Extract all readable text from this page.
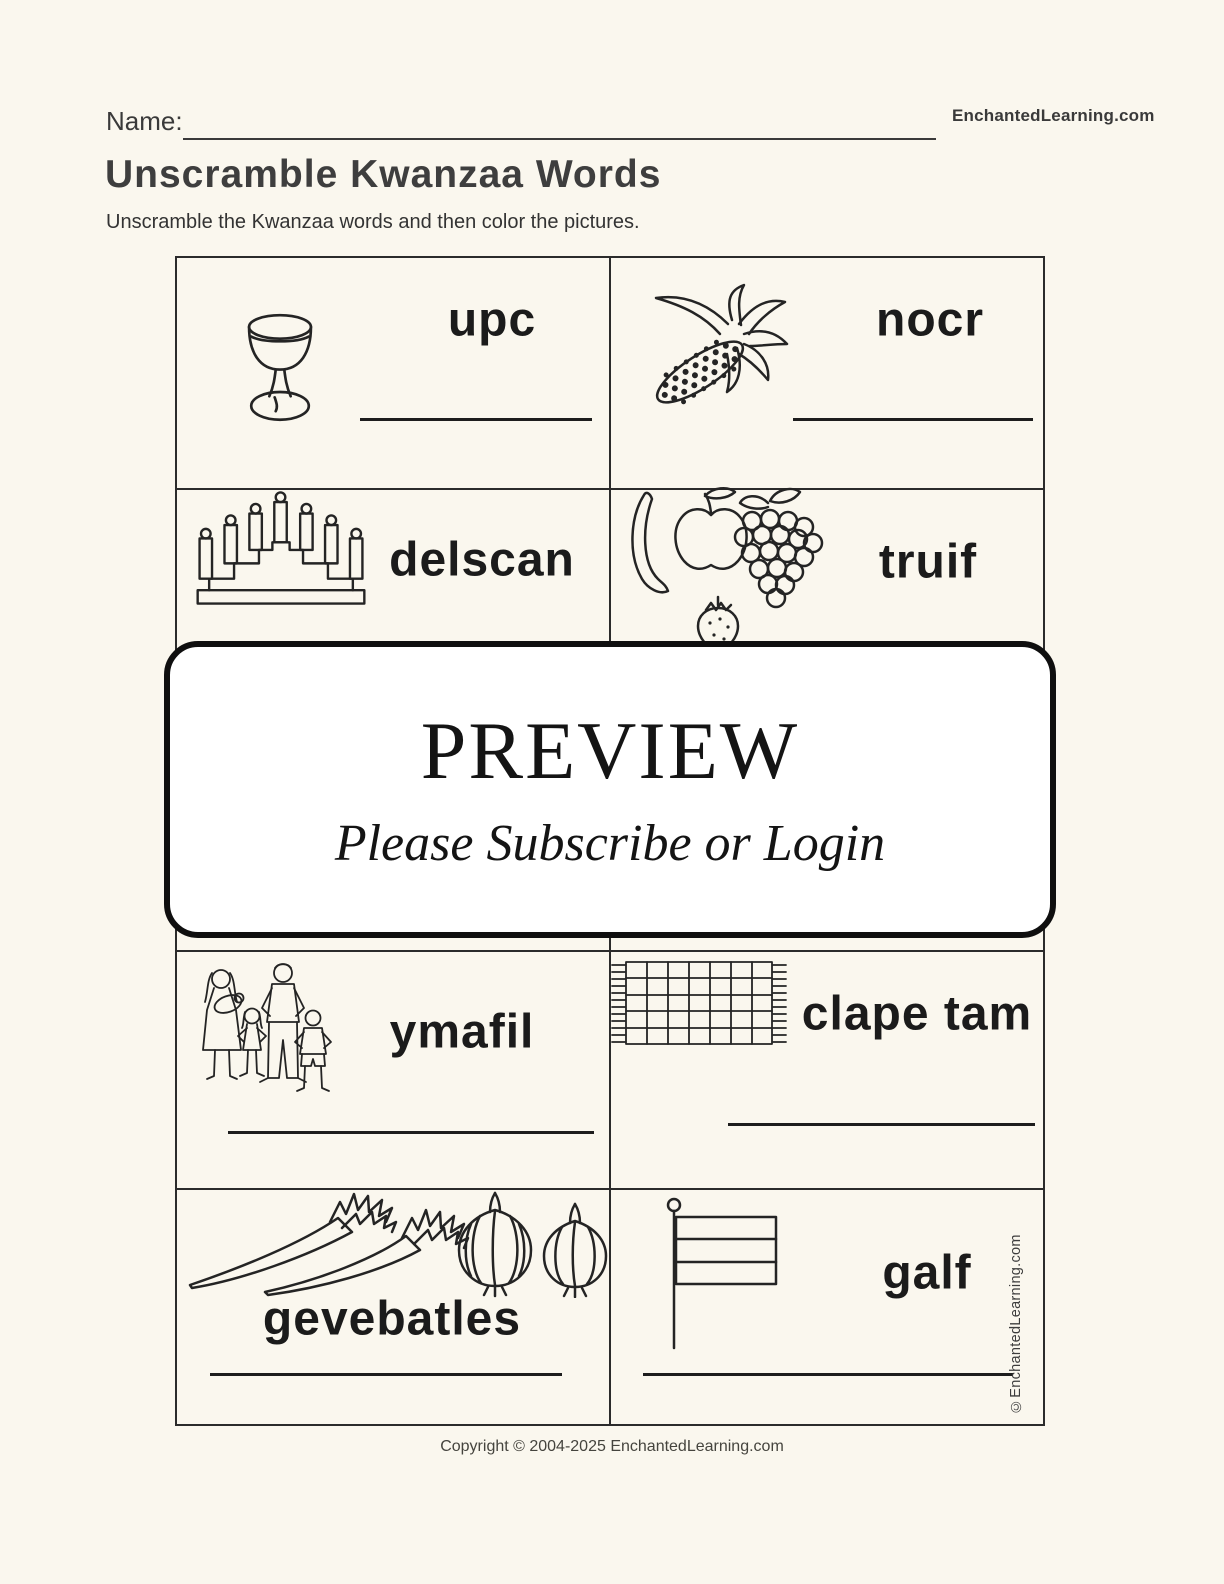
Name:	EnchantedLearning.com
Unscramble Kwanzaa Words
Unscramble the Kwanzaa words and then color the pictures.
upc	nocr
delscan	truif
PREVIEW
Please Subscribe or Login
ymafil	clape tam
gevebatles
galf	©EnchantedLearning.com
Copyright © 2004-2025 EnchantedLearning.com
